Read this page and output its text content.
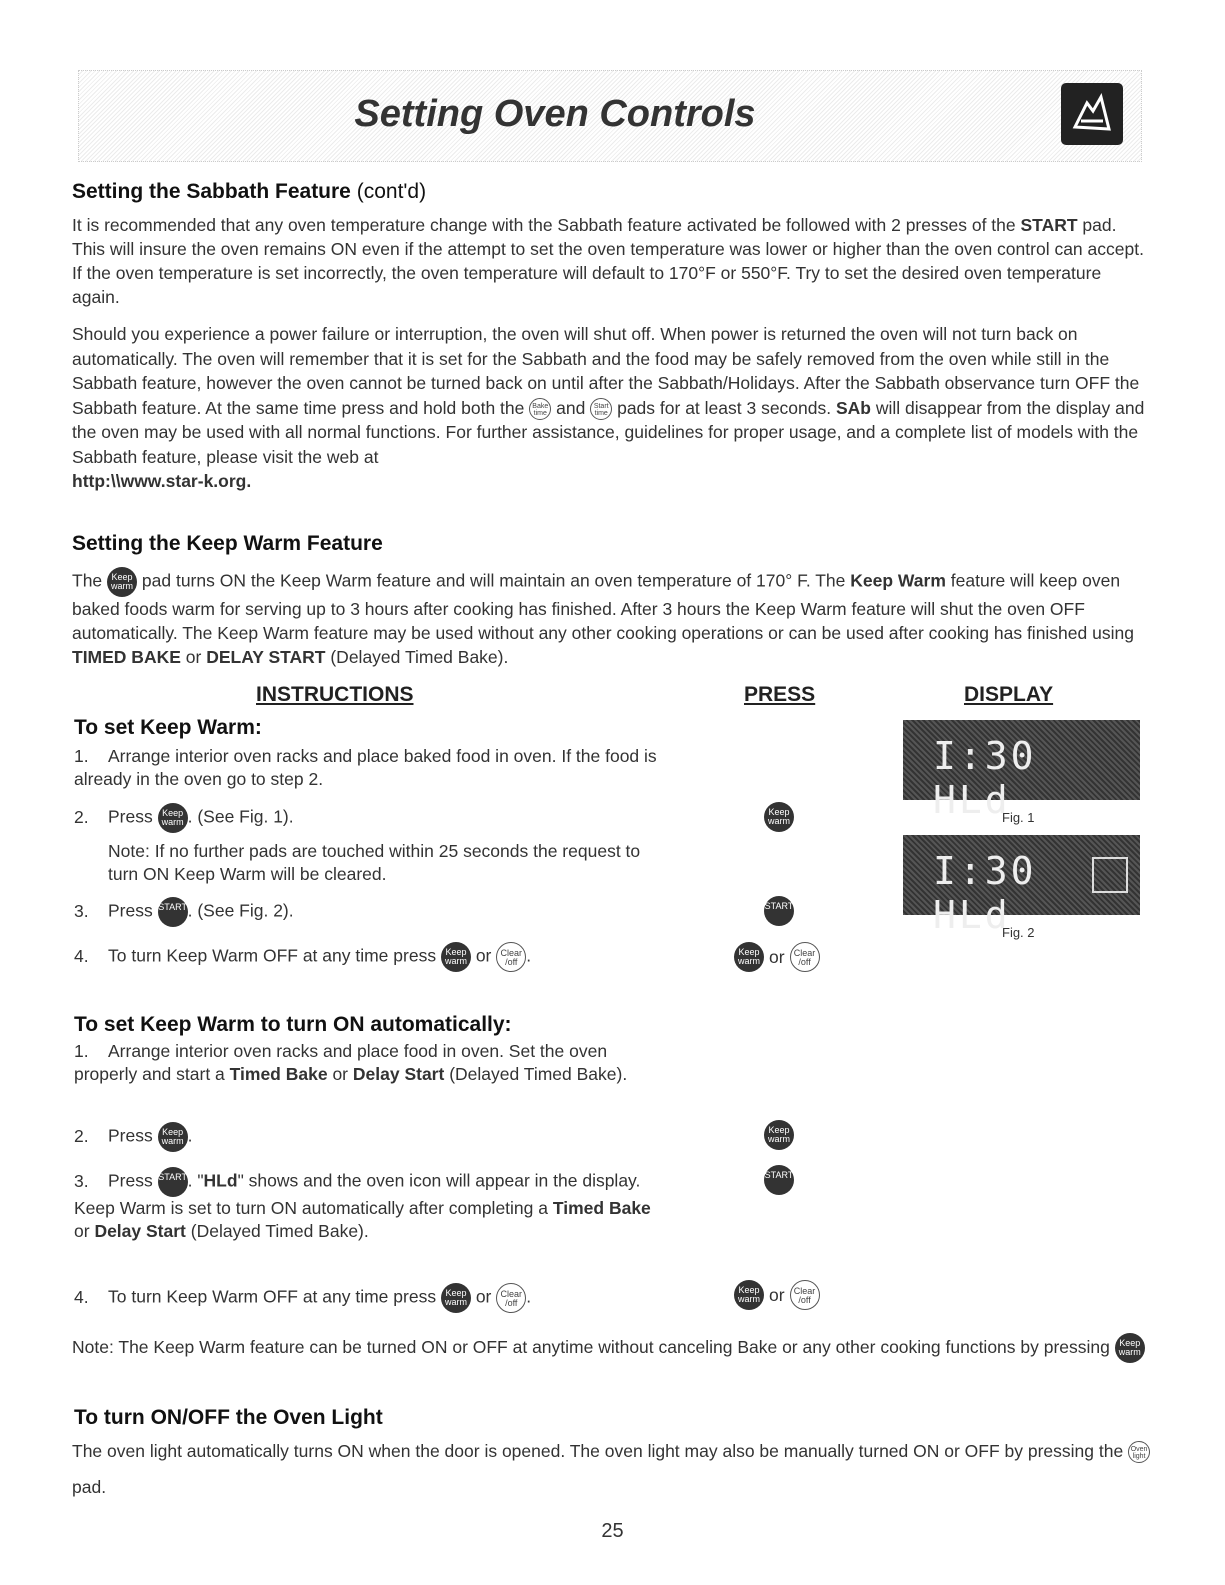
Setting Oven Controls
Setting the Sabbath Feature (cont'd)
It is recommended that any oven temperature change with the Sabbath feature activated be followed with 2 presses of the START pad. This will insure the oven remains ON even if the attempt to set the oven temperature was lower or higher than the oven control can accept. If the oven temperature is set incorrectly, the oven temperature will default to 170°F or 550°F. Try to set the desired oven temperature again.
Should you experience a power failure or interruption, the oven will shut off. When power is returned the oven will not turn back on automatically. The oven will remember that it is set for the Sabbath and the food may be safely removed from the oven while still in the Sabbath feature, however the oven cannot be turned back on until after the Sabbath/Holidays. After the Sabbath observance turn OFF the Sabbath feature. At the same time press and hold both the Bake
time and Start
time pads for at least 3 seconds. SAb will disappear from the display and the oven may be used with all normal functions. For further assistance, guidelines for proper usage, and a complete list of models with the Sabbath feature, please visit the web at
http:\\www.star-k.org.
Setting the Keep Warm Feature
The Keep
warm pad turns ON the Keep Warm feature and will maintain an oven temperature of 170° F. The Keep Warm feature will keep oven baked foods warm for serving up to 3 hours after cooking has finished. After 3 hours the Keep Warm feature will shut the oven OFF automatically. The Keep Warm feature may be used without any other cooking operations or can be used after cooking has finished using TIMED BAKE or DELAY START (Delayed Timed Bake).
INSTRUCTIONS	PRESS	DISPLAY
To set Keep Warm:
1. Arrange interior oven racks and place baked food in oven. If the food is already in the oven go to step 2.
2. Press Keep
warm . (See Fig. 1).
Note: If no further pads are touched within 25 seconds the request to turn ON Keep Warm will be cleared.
3. Press START. (See Fig. 2).
4. To turn Keep Warm OFF at any time press Keep
warm or Clear
/off .
Keep
warm
START
Keep
warm or Clear
/off
I:30 HLd
Fig. 1
I:30 HLd
Fig. 2
To set Keep Warm to turn ON automatically:
1. Arrange interior oven racks and place food in oven. Set the oven properly and start a Timed Bake or Delay Start (Delayed Timed Bake).
2. Press Keep
warm .
3. Press START. "HLd" shows and the oven icon will appear in the display. Keep Warm is set to turn ON automatically after completing a Timed Bake or Delay Start (Delayed Timed Bake).
4. To turn Keep Warm OFF at any time press Keep
warm or Clear
/off .
Keep
warm
START
Keep
warm or Clear
/off
Note: The Keep Warm feature can be turned ON or OFF at anytime without canceling Bake or any other cooking functions by pressing Keep
warm
To turn ON/OFF the Oven Light
The oven light automatically turns ON when the door is opened. The oven light may also be manually turned ON or OFF by pressing the Oven
light pad.
25
